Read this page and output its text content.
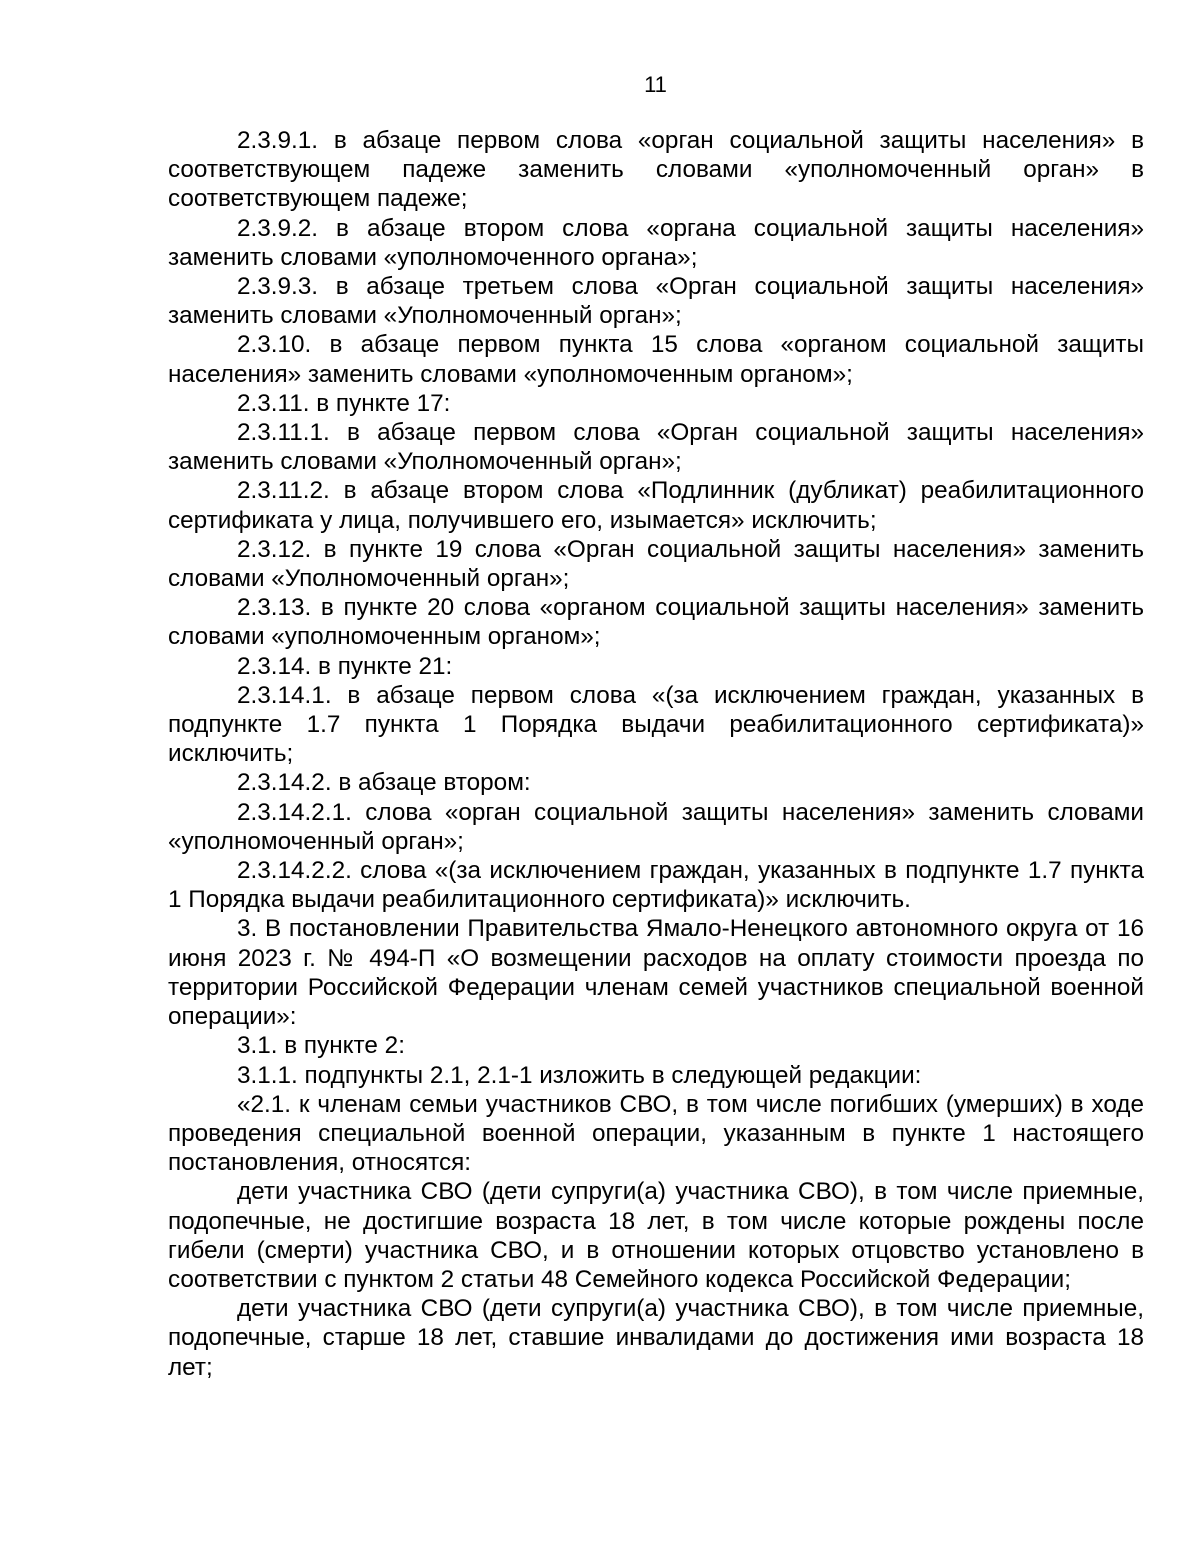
11

2.3.9.1. в абзаце первом слова «орган социальной защиты населения» в соответствующем падеже заменить словами «уполномоченный орган» в соответствующем падеже;

2.3.9.2. в абзаце втором слова «органа социальной защиты населения» заменить словами «уполномоченного органа»;

2.3.9.3. в абзаце третьем слова «Орган социальной защиты населения» заменить словами «Уполномоченный орган»;

2.3.10. в абзаце первом пункта 15 слова «органом социальной защиты населения» заменить словами «уполномоченным органом»;

2.3.11. в пункте 17:

2.3.11.1. в абзаце первом слова «Орган социальной защиты населения» заменить словами «Уполномоченный орган»;

2.3.11.2. в абзаце втором слова «Подлинник (дубликат) реабилитационного сертификата у лица, получившего его, изымается» исключить;

2.3.12. в пункте 19 слова «Орган социальной защиты населения» заменить словами «Уполномоченный орган»;

2.3.13. в пункте 20 слова «органом социальной защиты населения» заменить словами «уполномоченным органом»;

2.3.14. в пункте 21:

2.3.14.1. в абзаце первом слова «(за исключением граждан, указанных в подпункте 1.7 пункта 1 Порядка выдачи реабилитационного сертификата)» исключить;

2.3.14.2. в абзаце втором:

2.3.14.2.1. слова «орган социальной защиты населения» заменить словами «уполномоченный орган»;

2.3.14.2.2. слова «(за исключением граждан, указанных в подпункте 1.7 пункта 1 Порядка выдачи реабилитационного сертификата)» исключить.

3. В постановлении Правительства Ямало-Ненецкого автономного округа от 16 июня 2023 г. № 494-П «О возмещении расходов на оплату стоимости проезда по территории Российской Федерации членам семей участников специальной военной операции»:

3.1. в пункте 2:

3.1.1. подпункты 2.1, 2.1-1 изложить в следующей редакции:

«2.1. к членам семьи участников СВО, в том числе погибших (умерших) в ходе проведения специальной военной операции, указанным в пункте 1 настоящего постановления, относятся:

дети участника СВО (дети супруги(а) участника СВО), в том числе приемные, подопечные, не достигшие возраста 18 лет, в том числе которые рождены после гибели (смерти) участника СВО, и в отношении которых отцовство установлено в соответствии с пунктом 2 статьи 48 Семейного кодекса Российской Федерации;

дети участника СВО (дети супруги(а) участника СВО), в том числе приемные, подопечные, старше 18 лет, ставшие инвалидами до достижения ими возраста 18 лет;
